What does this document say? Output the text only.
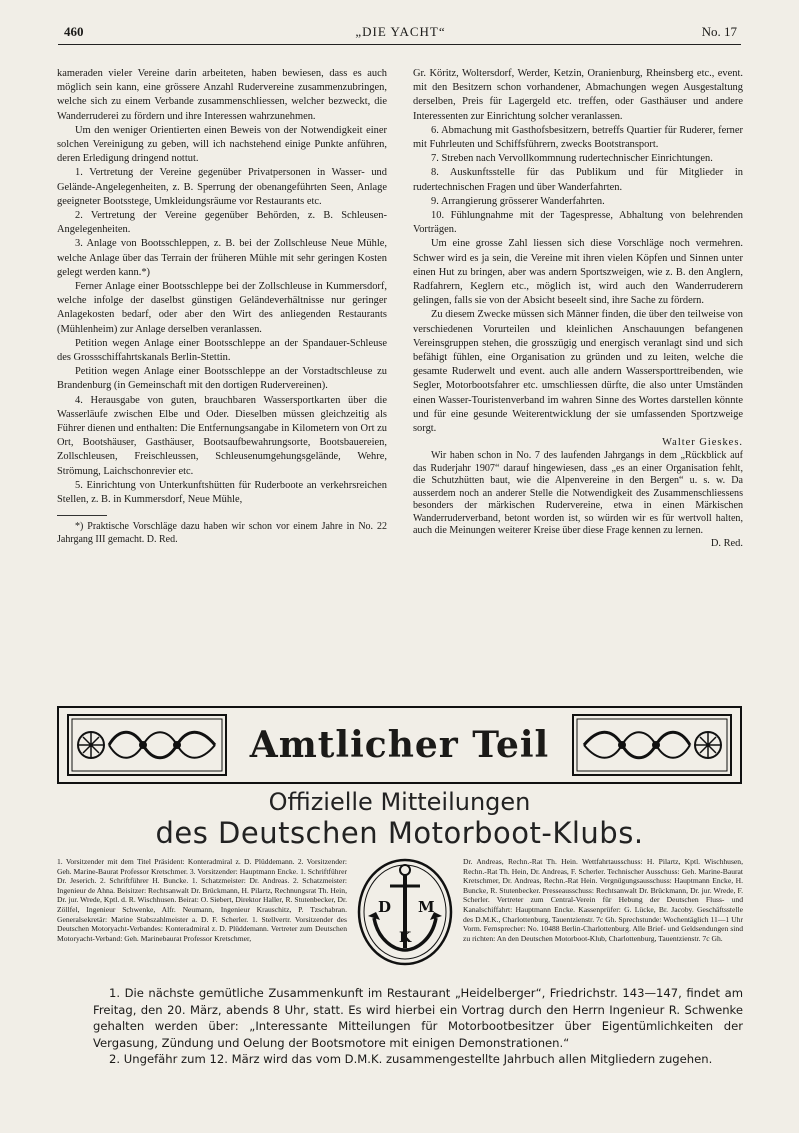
460	„DIE YACHT“	No. 17

kameraden vieler Vereine darin arbeiteten, haben bewiesen, dass es auch möglich sein kann, eine grössere Anzahl Rudervereine zusammenzubringen, welche sich zu einem Verbande zusammenschliessen, welcher bezweckt, die Wanderruderei zu fördern und ihre Interessen wahrzunehmen.

Um den weniger Orientierten einen Beweis von der Notwendigkeit einer solchen Vereinigung zu geben, will ich nachstehend einige Punkte anführen, deren Erledigung dringend nottut.

1. Vertretung der Vereine gegenüber Privatpersonen in Wasser- und Gelände-Angelegenheiten, z. B. Sperrung der obenangeführten Seen, Anlage geeigneter Bootsstege, Umkleidungsräume vor Restaurants etc.

2. Vertretung der Vereine gegenüber Behörden, z. B. Schleusen-Angelegenheiten.

3. Anlage von Bootsschleppen, z. B. bei der Zollschleuse Neue Mühle, welche Anlage über das Terrain der früheren Mühle mit sehr geringen Kosten gelegt werden kann.*)

Ferner Anlage einer Bootsschleppe bei der Zollschleuse in Kummersdorf, welche infolge der daselbst günstigen Geländeverhältnisse nur geringer Anlagekosten bedarf, oder aber den Wirt des anliegenden Restaurants (Mühlenheim) zur Anlage derselben veranlassen.

Petition wegen Anlage einer Bootsschleppe an der Spandauer-Schleuse des Grossschiffahrtskanals Berlin-Stettin.

Petition wegen Anlage einer Bootsschleppe an der Vorstadtschleuse zu Brandenburg (in Gemeinschaft mit den dortigen Rudervereinen).

4. Herausgabe von guten, brauchbaren Wassersportkarten über die Wasserläufe zwischen Elbe und Oder. Dieselben müssen gleichzeitig als Führer dienen und enthalten: Die Entfernungsangabe in Kilometern von Ort zu Ort, Bootshäuser, Gasthäuser, Bootsaufbewahrungsorte, Bootsbauereien, Zollschleusen, Freischleussen, Schleusenumgehungsgelände, Wehre, Strömung, Laichschonrevier etc.

5. Einrichtung von Unterkunftshütten für Ruderboote an verkehrsreichen Stellen, z. B. in Kummersdorf, Neue Mühle,

*) Praktische Vorschläge dazu haben wir schon vor einem Jahre in No. 22 Jahrgang III gemacht. D. Red.

Gr. Köritz, Woltersdorf, Werder, Ketzin, Oranienburg, Rheinsberg etc., event. mit den Besitzern schon vorhandener, Abmachungen wegen Ausgestaltung derselben, Preis für Lagergeld etc. treffen, oder Gasthäuser und andere Interessenten zur Einrichtung solcher veranlassen.

6. Abmachung mit Gasthofsbesitzern, betreffs Quartier für Ruderer, ferner mit Fuhrleuten und Schiffsführern, zwecks Bootstransport.

7. Streben nach Vervollkommnung rudertechnischer Einrichtungen.

8. Auskunftsstelle für das Publikum und für Mitglieder in rudertechnischen Fragen und über Wanderfahrten.

9. Arrangierung grösserer Wanderfahrten.

10. Fühlungnahme mit der Tagespresse, Abhaltung von belehrenden Vorträgen.

Um eine grosse Zahl liessen sich diese Vorschläge noch vermehren. Schwer wird es ja sein, die Vereine mit ihren vielen Köpfen und Sinnen unter einen Hut zu bringen, aber was andern Sportszweigen, wie z. B. den Anglern, Radfahrern, Keglern etc., möglich ist, wird auch den Wanderruderern gelingen, falls sie von der Absicht beseelt sind, ihre Sache zu fördern.

Zu diesem Zwecke müssen sich Männer finden, die über den teilweise von verschiedenen Vorurteilen und kleinlichen Anschauungen befangenen Vereinsgruppen stehen, die grosszügig und energisch veranlagt sind und sich befähigt fühlen, eine Organisation zu gründen und zu leiten, welche die gesamte Ruderwelt und event. auch alle andern Wassersporttreibenden, wie Segler, Motorbootsfahrer etc. umschliessen dürfte, die also unter Umständen einen Wasser-Touristenverband im wahren Sinne des Wortes darstellen könnte und für eine gesunde Weiterentwicklung der sie umfassenden Sportzweige sorgt.

Walter Gieskes.

Wir haben schon in No. 7 des laufenden Jahrgangs in dem „Rückblick auf das Ruderjahr 1907“ darauf hingewiesen, dass „es an einer Organisation fehlt, die Schutzhütten baut, wie die Alpenvereine in den Bergen“ u. s. w. Da ausserdem noch an anderer Stelle die Notwendigkeit des Zusammenschliessens besonders der märkischen Rudervereine, etwa in einen Märkischen Wanderruderverband, betont worden ist, so würden wir es für wertvoll halten, auch die Meinungen weiterer Kreise über diese Frage kennen zu lernen.

D. Red.

Amtlicher Teil
Offizielle Mitteilungen
des Deutschen Motorboot-Klubs.
1. Vorsitzender mit dem Titel Präsident: Konteradmiral z. D. Plüddemann. 2. Vorsitzender: Geh. Marine-Baurat Professor Kretschmer. 3. Vorsitzender: Hauptmann Encke. 1. Schriftführer Dr. Jeserich. 2. Schriftführer H. Buncke. 1. Schatzmeister: Dr. Andreas. 2. Schatzmeister: Ingenieur de Ahna. Beisitzer: Rechtsanwalt Dr. Brückmann, H. Pilartz, Rechnungsrat Th. Hein, Dr. jur. Wrede, Kptl. d. R. Wischhusen. Beirat: O. Siebert, Direktor Haller, R. Stutenbecker, Dr. Zöllfel, Ingenieur Schwenke, Alfr. Neumann, Ingenieur Krauschitz, P. Tzschabran. Generalsekretär: Marine Stabszahlmeister a. D. F. Scherler. 1. Stellvertr. Vorsitzender des Deutschen Motoryacht-Verbandes: Konteradmiral z. D. Plüddemann. Vertreter zum Deutschen Motoryacht-Verband: Geh. Marinebaurat Professor Kretschmer,
D M
K
Dr. Andreas, Rechn.-Rat Th. Hein. Wettfahrtausschuss: H. Pilartz, Kptl. Wischhusen, Rechn.-Rat Th. Hein, Dr. Andreas, F. Scherler. Technischer Ausschuss: Geh. Marine-Baurat Kretschmer, Dr. Andreas, Rechn.-Rat Hein. Vergnügungsausschuss: Hauptmann Encke, H. Buncke, R. Stutenbecker. Presseausschuss: Rechtsanwalt Dr. Brückmann, Dr. jur. Wrede, F. Scherler. Vertreter zum Central-Verein für Hebung der Deutschen Fluss- und Kanalschiffahrt: Hauptmann Encke. Kassenprüfer: G. Lücke, Br. Jacoby. Geschäftsstelle des D.M.K., Charlottenburg, Tauentzienstr. 7c Gh. Sprechstunde: Wochentäglich 11—1 Uhr Vorm. Fernsprecher: No. 10488 Berlin-Charlottenburg. Alle Brief- und Geldsendungen sind zu richten: An den Deutschen Motorboot-Klub, Charlottenburg, Tauentzienstr. 7c Gh.

1. Die nächste gemütliche Zusammenkunft im Restaurant „Heidelberger“, Friedrichstr. 143—147, findet am Freitag, den 20. März, abends 8 Uhr, statt. Es wird hierbei ein Vortrag durch den Herrn Ingenieur R. Schwenke gehalten werden über: „Interessante Mitteilungen für Motorbootbesitzer über Eigentümlichkeiten der Vergasung, Zündung und Oelung der Bootsmotore mit einigen Demonstrationen.“

2. Ungefähr zum 12. März wird das vom D.M.K. zusammengestellte Jahrbuch allen Mitgliedern zugehen.
